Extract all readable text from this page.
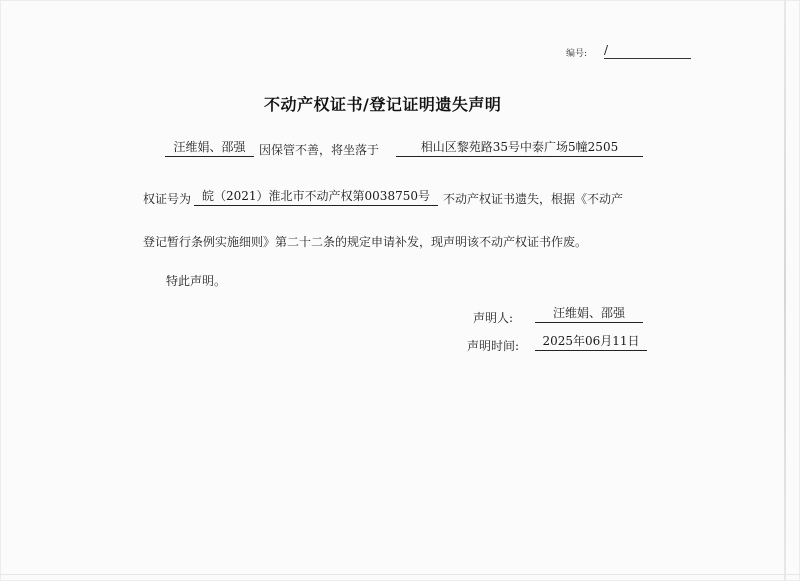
编号: /
不动产权证书/登记证明遗失声明
汪维娟、邵强	因保管不善，将坐落于	相山区黎苑路35号中泰广场5幢2505
权证号为 皖（2021）淮北市不动产权第0038750号	不动产权证书遗失，根据《不动产
登记暂行条例实施细则》第二十二条的规定申请补发，现声明该不动产权证书作废。
特此声明。
声明人:	汪维娟、邵强
声明时间:	2025年06月11日
